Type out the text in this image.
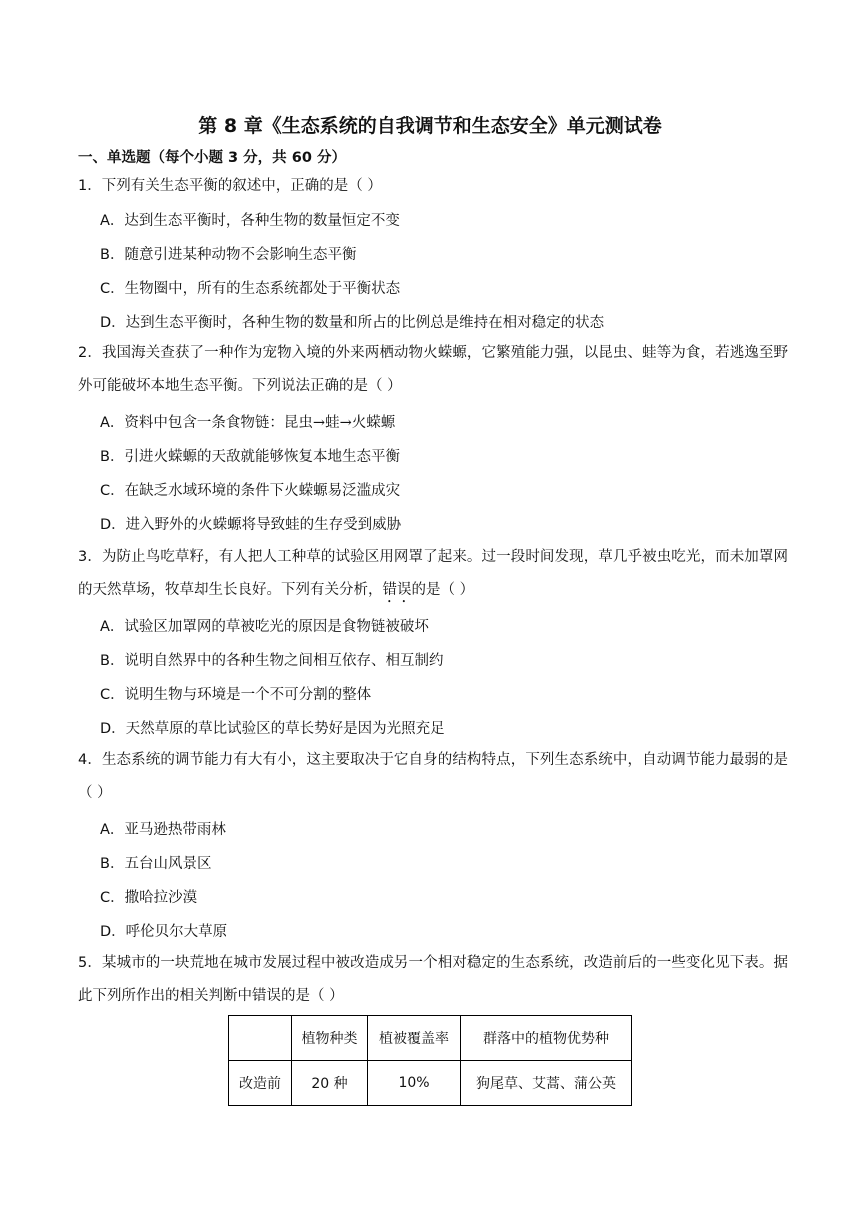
第 8 章《生态系统的自我调节和生态安全》单元测试卷
一、单选题（每个小题 3 分，共 60 分）
1．下列有关生态平衡的叙述中，正确的是（ ）
A．达到生态平衡时，各种生物的数量恒定不变
B．随意引进某种动物不会影响生态平衡
C．生物圈中，所有的生态系统都处于平衡状态
D．达到生态平衡时，各种生物的数量和所占的比例总是维持在相对稳定的状态
2．我国海关查获了一种作为宠物入境的外来两栖动物火蝾螈，它繁殖能力强，以昆虫、蛙等为食，若逃逸至野外可能破坏本地生态平衡。下列说法正确的是（ ）
A．资料中包含一条食物链：昆虫→蛙→火蝾螈
B．引进火蝾螈的天敌就能够恢复本地生态平衡
C．在缺乏水域环境的条件下火蝾螈易泛滥成灾
D．进入野外的火蝾螈将导致蛙的生存受到威胁
3．为防止鸟吃草籽，有人把人工种草的试验区用网罩了起来。过一段时间发现，草几乎被虫吃光，而未加罩网的天然草场，牧草却生长良好。下列有关分析，错误的是（ ）
A．试验区加罩网的草被吃光的原因是食物链被破坏
B．说明自然界中的各种生物之间相互依存、相互制约
C．说明生物与环境是一个不可分割的整体
D．天然草原的草比试验区的草长势好是因为光照充足
4．生态系统的调节能力有大有小，这主要取决于它自身的结构特点，下列生态系统中，自动调节能力最弱的是（ ）
A．亚马逊热带雨林
B．五台山风景区
C．撒哈拉沙漠
D．呼伦贝尔大草原
5．某城市的一块荒地在城市发展过程中被改造成另一个相对稳定的生态系统，改造前后的一些变化见下表。据此下列所作出的相关判断中错误的是（ ）
	植物种类	植被覆盖率	群落中的植物优势种
改造前	20 种	10%	狗尾草、艾蒿、蒲公英
